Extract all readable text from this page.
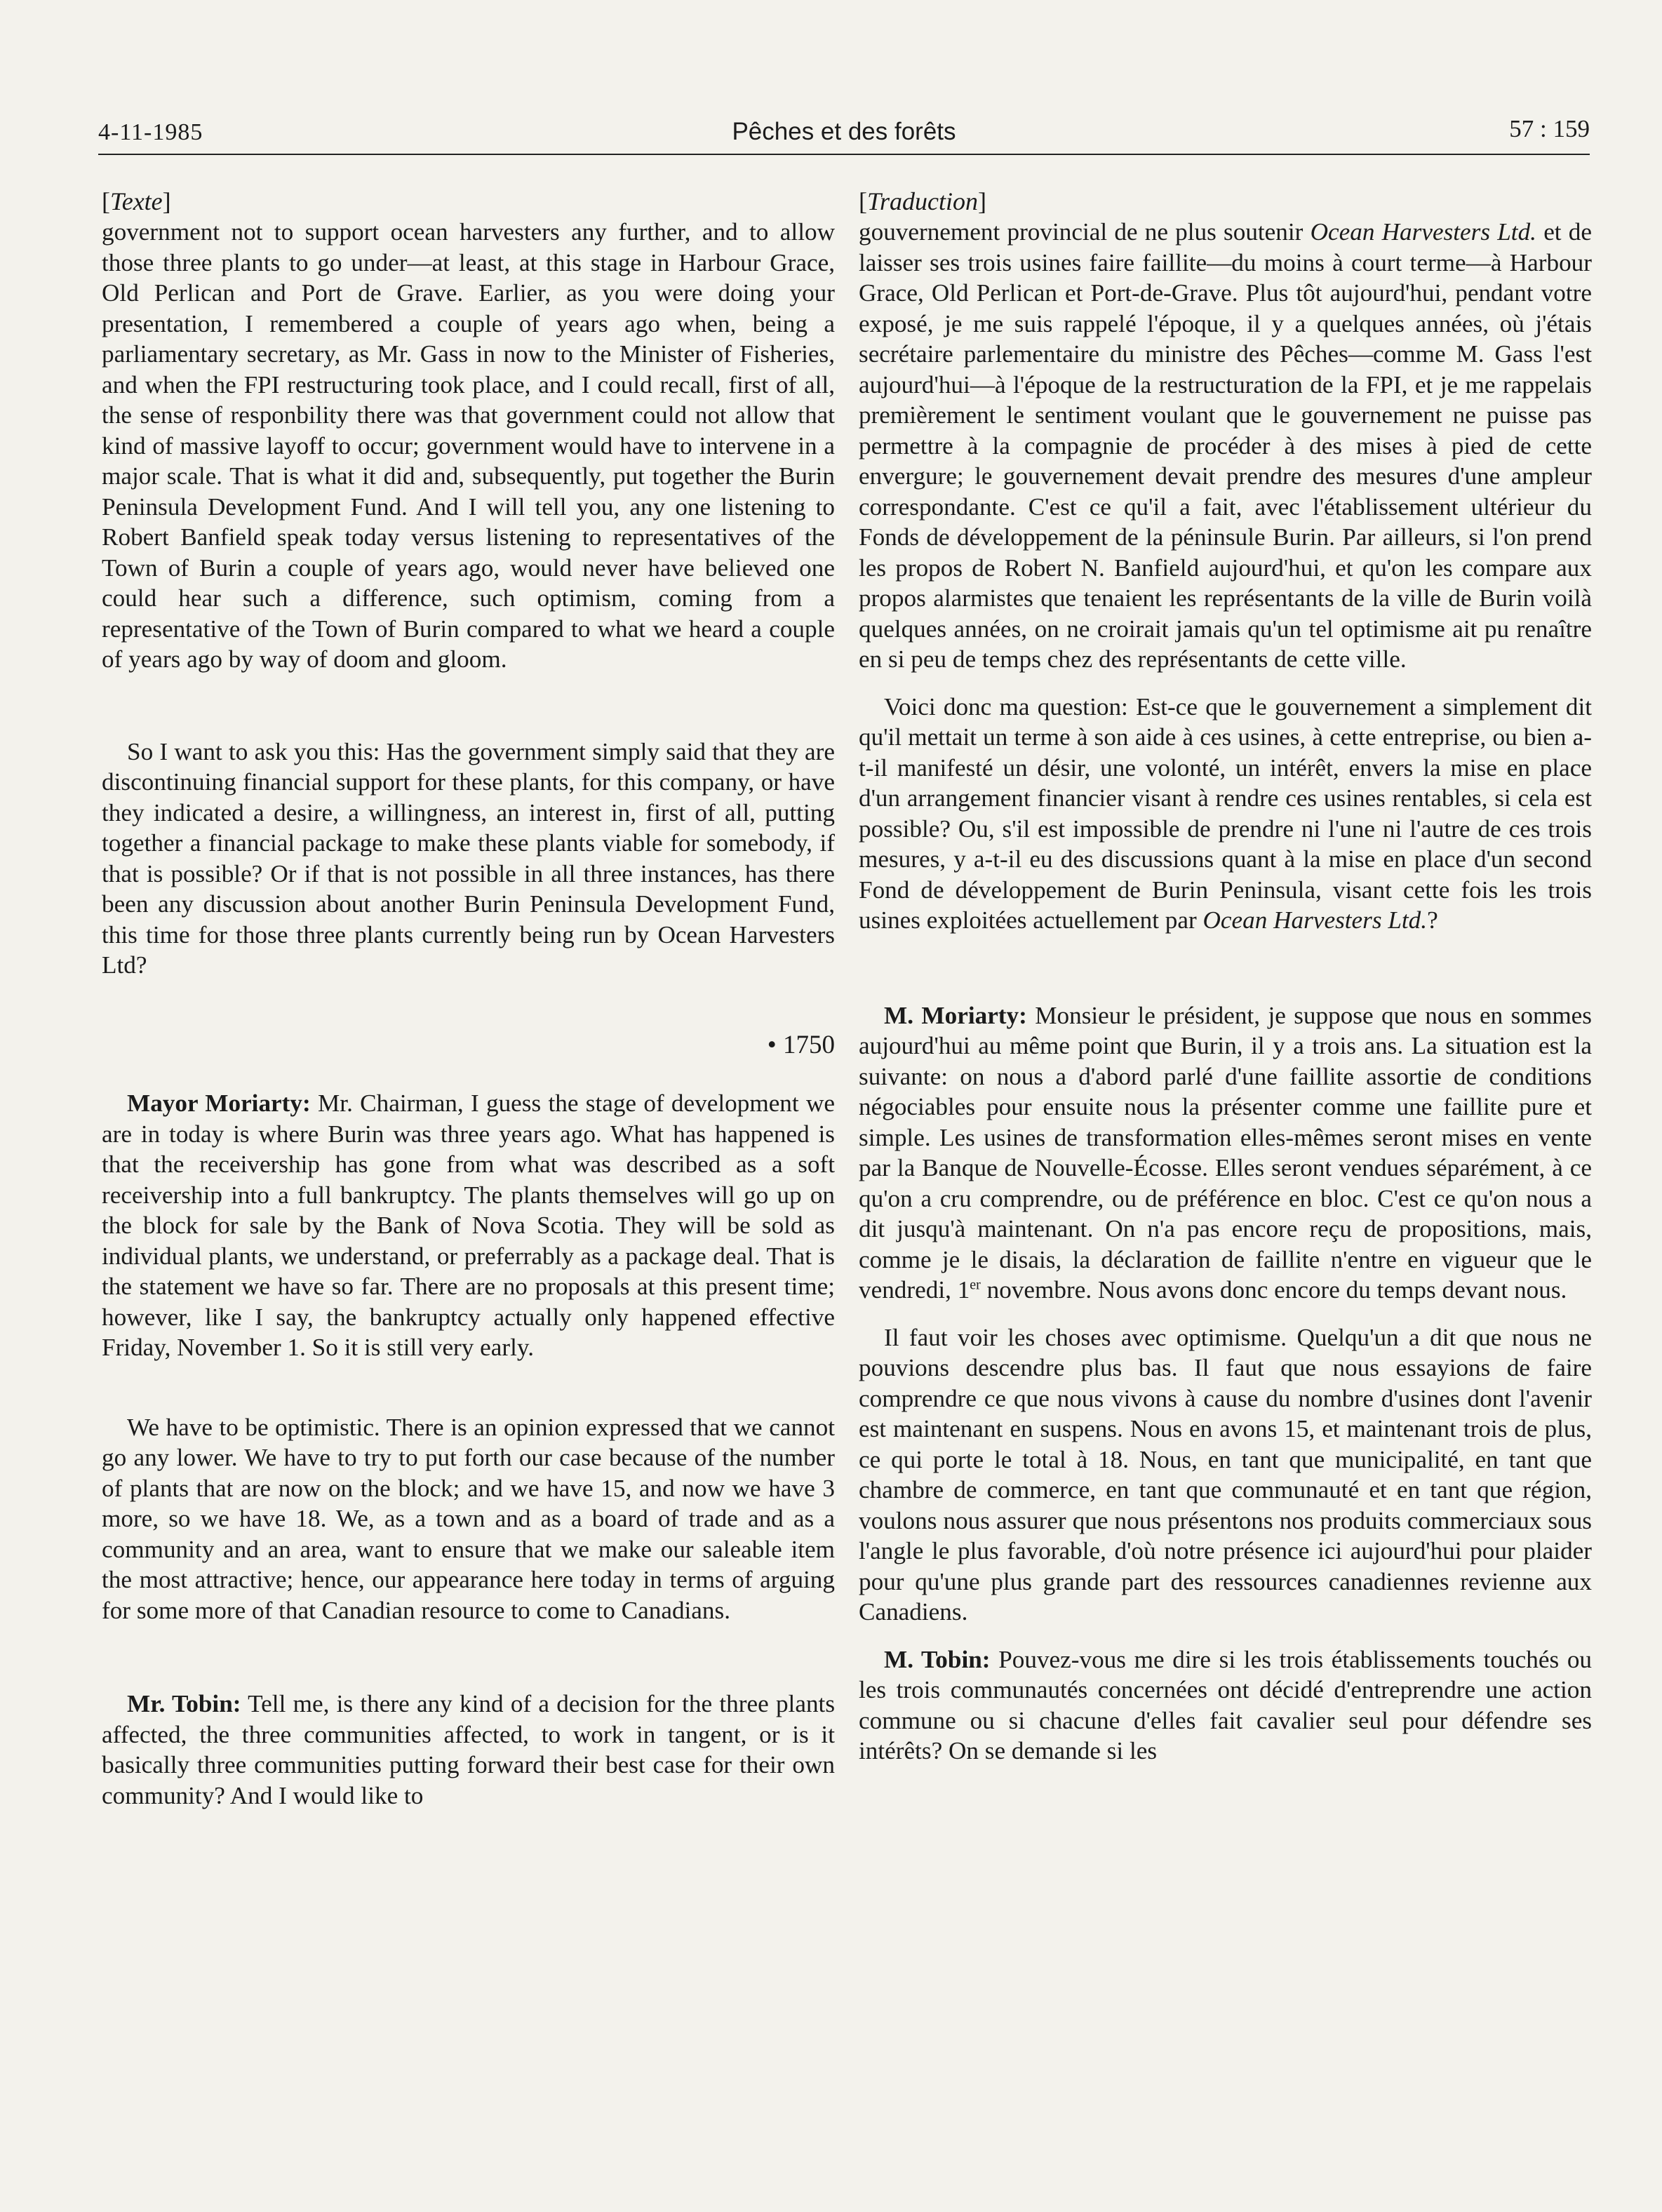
4-11-1985	Pêches et des forêts	57 : 159
[Texte]

government not to support ocean harvesters any further, and to allow those three plants to go under—at least, at this stage in Harbour Grace, Old Perlican and Port de Grave. Earlier, as you were doing your presentation, I remembered a couple of years ago when, being a parliamentary secretary, as Mr. Gass in now to the Minister of Fisheries, and when the FPI restructuring took place, and I could recall, first of all, the sense of responbility there was that government could not allow that kind of massive layoff to occur; government would have to intervene in a major scale. That is what it did and, subsequently, put together the Burin Peninsula Development Fund. And I will tell you, any one listening to Robert Banfield speak today versus listening to representatives of the Town of Burin a couple of years ago, would never have believed one could hear such a difference, such optimism, coming from a representative of the Town of Burin compared to what we heard a couple of years ago by way of doom and gloom.

So I want to ask you this: Has the government simply said that they are discontinuing financial support for these plants, for this company, or have they indicated a desire, a willingness, an interest in, first of all, putting together a financial package to make these plants viable for somebody, if that is possible? Or if that is not possible in all three instances, has there been any discussion about another Burin Peninsula Development Fund, this time for those three plants currently being run by Ocean Harvesters Ltd?

• 1750

Mayor Moriarty: Mr. Chairman, I guess the stage of development we are in today is where Burin was three years ago. What has happened is that the receivership has gone from what was described as a soft receivership into a full bankruptcy. The plants themselves will go up on the block for sale by the Bank of Nova Scotia. They will be sold as individual plants, we understand, or preferrably as a package deal. That is the statement we have so far. There are no proposals at this present time; however, like I say, the bankruptcy actually only happened effective Friday, November 1. So it is still very early.

We have to be optimistic. There is an opinion expressed that we cannot go any lower. We have to try to put forth our case because of the number of plants that are now on the block; and we have 15, and now we have 3 more, so we have 18. We, as a town and as a board of trade and as a community and an area, want to ensure that we make our saleable item the most attractive; hence, our appearance here today in terms of arguing for some more of that Canadian resource to come to Canadians.

Mr. Tobin: Tell me, is there any kind of a decision for the three plants affected, the three communities affected, to work in tangent, or is it basically three communities putting forward their best case for their own community? And I would like to

[Traduction]

gouvernement provincial de ne plus soutenir Ocean Harvesters Ltd. et de laisser ses trois usines faire faillite—du moins à court terme—à Harbour Grace, Old Perlican et Port-de-Grave. Plus tôt aujourd'hui, pendant votre exposé, je me suis rappelé l'époque, il y a quelques années, où j'étais secrétaire parlementaire du ministre des Pêches—comme M. Gass l'est aujourd'hui—à l'époque de la restructuration de la FPI, et je me rappelais premièrement le sentiment voulant que le gouvernement ne puisse pas permettre à la compagnie de procéder à des mises à pied de cette envergure; le gouvernement devait prendre des mesures d'une ampleur correspondante. C'est ce qu'il a fait, avec l'établissement ultérieur du Fonds de développement de la péninsule Burin. Par ailleurs, si l'on prend les propos de Robert N. Banfield aujourd'hui, et qu'on les compare aux propos alarmistes que tenaient les représentants de la ville de Burin voilà quelques années, on ne croirait jamais qu'un tel optimisme ait pu renaître en si peu de temps chez des représentants de cette ville.

Voici donc ma question: Est-ce que le gouvernement a simplement dit qu'il mettait un terme à son aide à ces usines, à cette entreprise, ou bien a-t-il manifesté un désir, une volonté, un intérêt, envers la mise en place d'un arrangement financier visant à rendre ces usines rentables, si cela est possible? Ou, s'il est impossible de prendre ni l'une ni l'autre de ces trois mesures, y a-t-il eu des discussions quant à la mise en place d'un second Fond de développement de Burin Peninsula, visant cette fois les trois usines exploitées actuellement par Ocean Harvesters Ltd.?

M. Moriarty: Monsieur le président, je suppose que nous en sommes aujourd'hui au même point que Burin, il y a trois ans. La situation est la suivante: on nous a d'abord parlé d'une faillite assortie de conditions négociables pour ensuite nous la présenter comme une faillite pure et simple. Les usines de transformation elles-mêmes seront mises en vente par la Banque de Nouvelle-Écosse. Elles seront vendues séparément, à ce qu'on a cru comprendre, ou de préférence en bloc. C'est ce qu'on nous a dit jusqu'à maintenant. On n'a pas encore reçu de propositions, mais, comme je le disais, la déclaration de faillite n'entre en vigueur que le vendredi, 1er novembre. Nous avons donc encore du temps devant nous.

Il faut voir les choses avec optimisme. Quelqu'un a dit que nous ne pouvions descendre plus bas. Il faut que nous essayions de faire comprendre ce que nous vivons à cause du nombre d'usines dont l'avenir est maintenant en suspens. Nous en avons 15, et maintenant trois de plus, ce qui porte le total à 18. Nous, en tant que municipalité, en tant que chambre de commerce, en tant que communauté et en tant que région, voulons nous assurer que nous présentons nos produits commerciaux sous l'angle le plus favorable, d'où notre présence ici aujourd'hui pour plaider pour qu'une plus grande part des ressources canadiennes revienne aux Canadiens.

M. Tobin: Pouvez-vous me dire si les trois établissements touchés ou les trois communautés concernées ont décidé d'entreprendre une action commune ou si chacune d'elles fait cavalier seul pour défendre ses intérêts? On se demande si les
